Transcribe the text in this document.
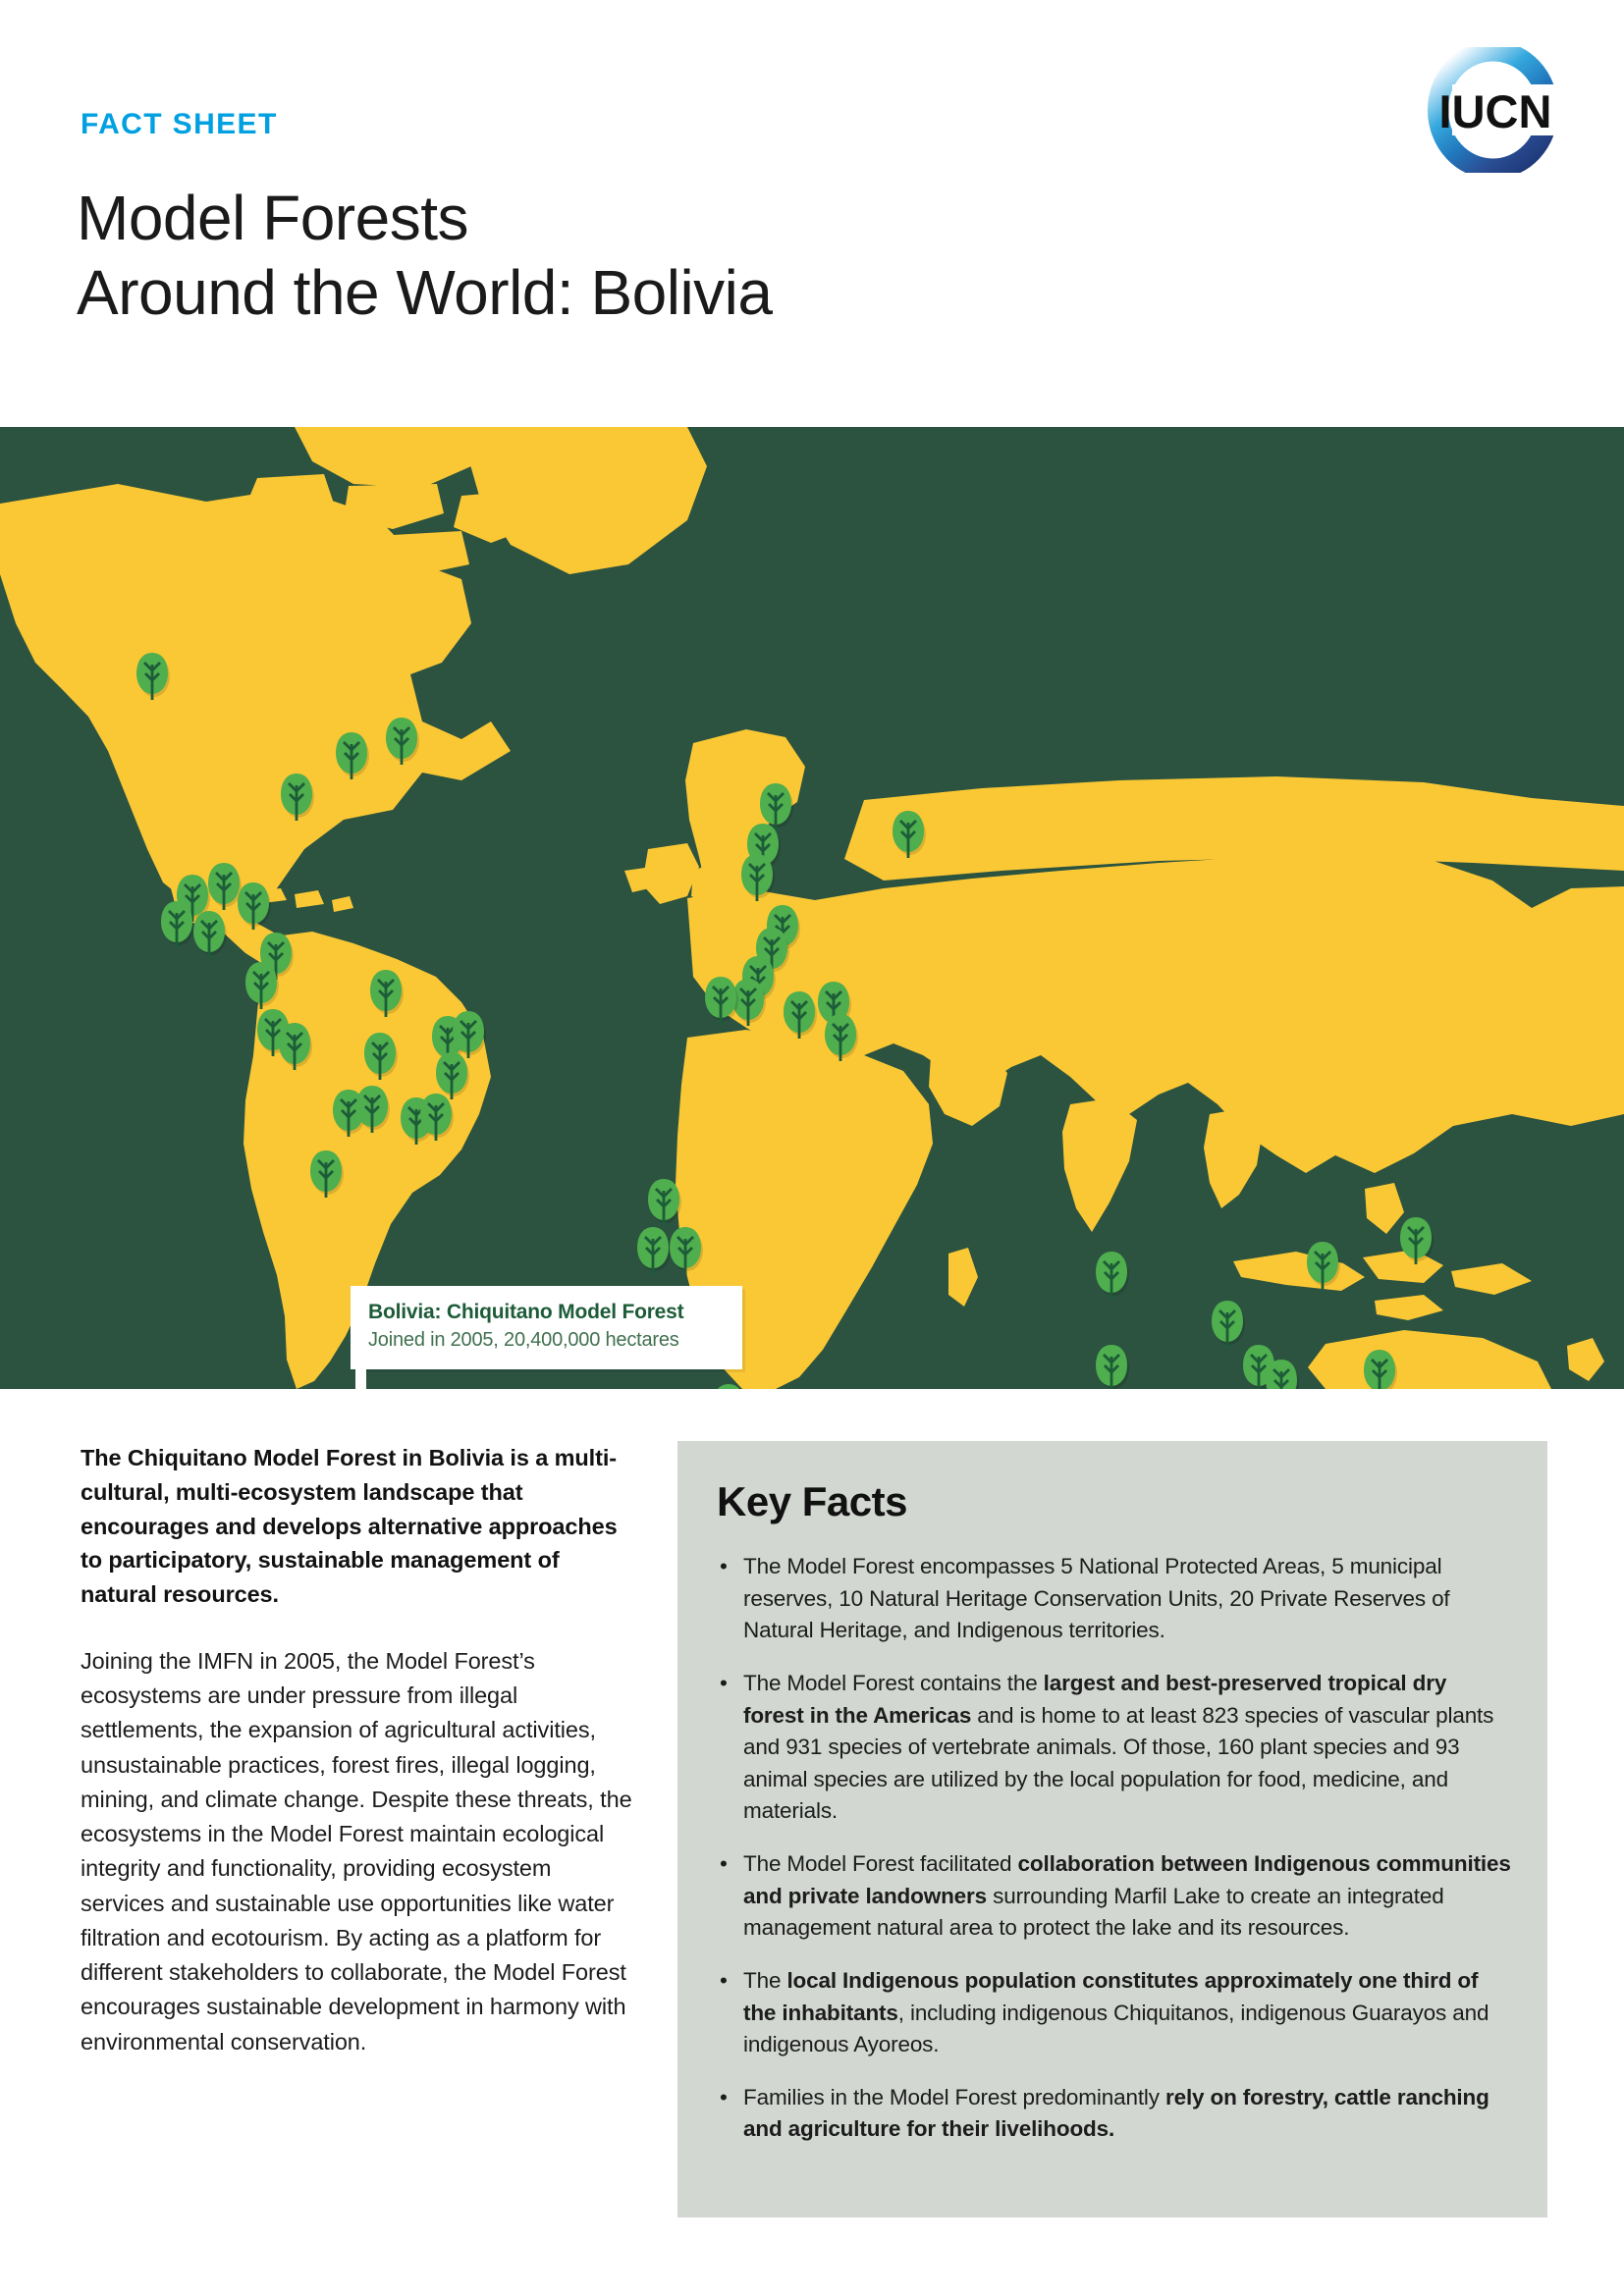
FACT SHEET
Model Forests
Around the World: Bolivia
IUCN
Bolivia: Chiquitano Model Forest
Joined in 2005, 20,400,000 hectares

The Chiquitano Model Forest in Bolivia is a multi-cultural, multi-ecosystem landscape that encourages and develops alternative approaches to participatory, sustainable management of natural resources.

Joining the IMFN in 2005, the Model Forest’s ecosystems are under pressure from illegal settlements, the expansion of agricultural activities, unsustainable practices, forest fires, illegal logging, mining, and climate change. Despite these threats, the ecosystems in the Model Forest maintain ecological integrity and functionality, providing ecosystem services and sustainable use opportunities like water filtration and ecotourism. By acting as a platform for different stakeholders to collaborate, the Model Forest encourages sustainable development in harmony with environmental conservation.

Key Facts
• The Model Forest encompasses 5 National Protected Areas, 5 municipal reserves, 10 Natural Heritage Conservation Units, 20 Private Reserves of Natural Heritage, and Indigenous territories.
• The Model Forest contains the largest and best-preserved tropical dry forest in the Americas and is home to at least 823 species of vascular plants and 931 species of vertebrate animals. Of those, 160 plant species and 93 animal species are utilized by the local population for food, medicine, and materials.
• The Model Forest facilitated collaboration between Indigenous communities and private landowners surrounding Marfil Lake to create an integrated management natural area to protect the lake and its resources.
• The local Indigenous population constitutes approximately one third of the inhabitants, including indigenous Chiquitanos, indigenous Guarayos and indigenous Ayoreos.
• Families in the Model Forest predominantly rely on forestry, cattle ranching and agriculture for their livelihoods.
